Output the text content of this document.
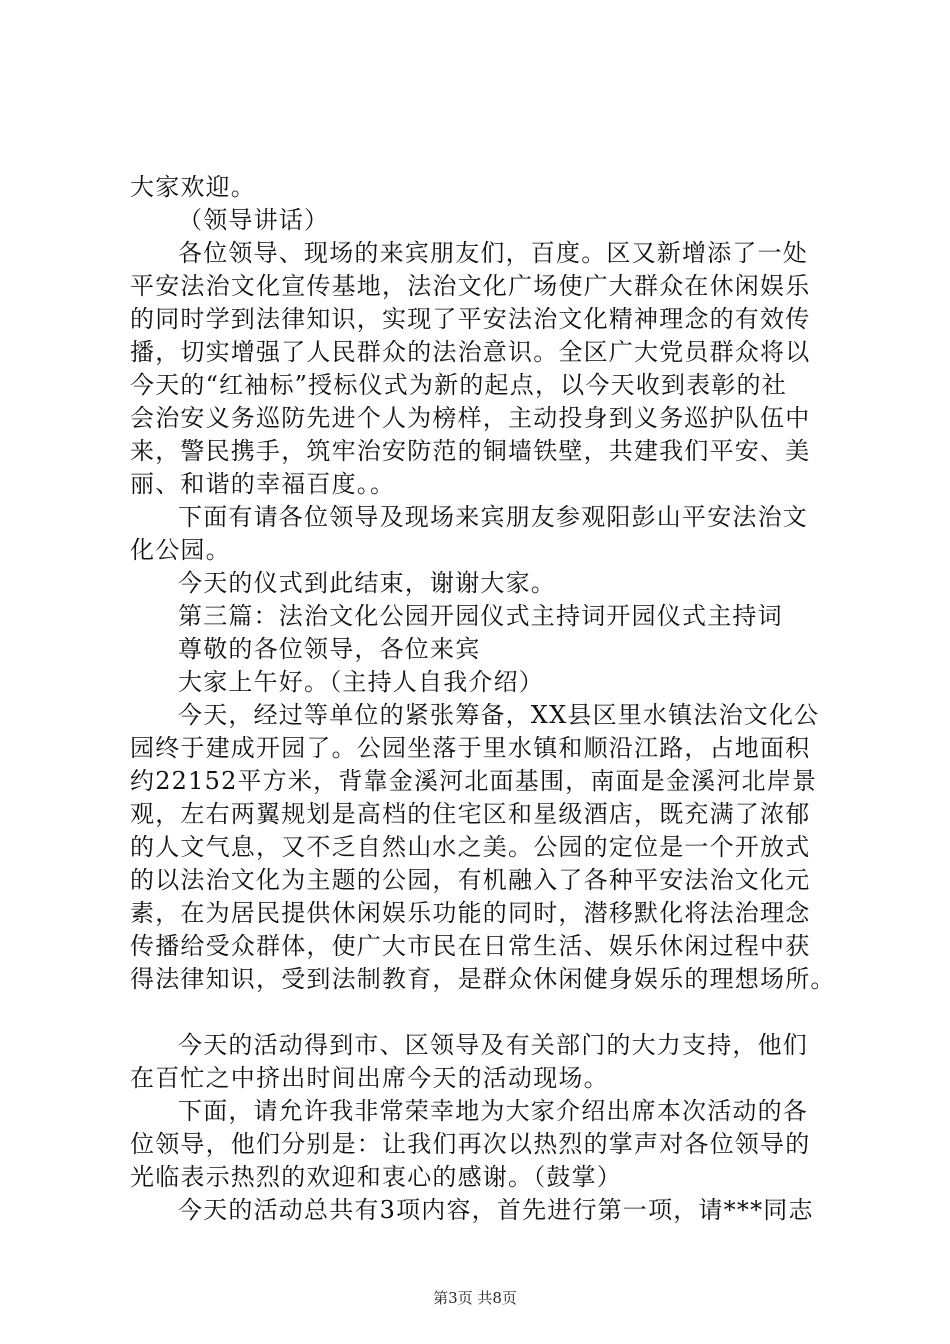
大家欢迎。
（领导讲话）
各位领导、现场的来宾朋友们，百度。区又新增添了一处
平安法治文化宣传基地，法治文化广场使广大群众在休闲娱乐
的同时学到法律知识，实现了平安法治文化精神理念的有效传
播，切实增强了人民群众的法治意识。全区广大党员群众将以
今天的“红袖标”授标仪式为新的起点，以今天收到表彰的社
会治安义务巡防先进个人为榜样，主动投身到义务巡护队伍中
来，警民携手，筑牢治安防范的铜墙铁壁，共建我们平安、美
丽、和谐的幸福百度。。
下面有请各位领导及现场来宾朋友参观阳彭山平安法治文
化公园。
今天的仪式到此结束，谢谢大家。
第三篇：法治文化公园开园仪式主持词开园仪式主持词
尊敬的各位领导，各位来宾
大家上午好。（主持人自我介绍）
今天，经过等单位的紧张筹备，XX县区里水镇法治文化公
园终于建成开园了。公园坐落于里水镇和顺沿江路，占地面积
约22152平方米，背靠金溪河北面基围，南面是金溪河北岸景
观，左右两翼规划是高档的住宅区和星级酒店，既充满了浓郁
的人文气息，又不乏自然山水之美。公园的定位是一个开放式
的以法治文化为主题的公园，有机融入了各种平安法治文化元
素，在为居民提供休闲娱乐功能的同时，潜移默化将法治理念
传播给受众群体，使广大市民在日常生活、娱乐休闲过程中获
得法律知识，受到法制教育，是群众休闲健身娱乐的理想场所。
今天的活动得到市、区领导及有关部门的大力支持，他们
在百忙之中挤出时间出席今天的活动现场。
下面，请允许我非常荣幸地为大家介绍出席本次活动的各
位领导，他们分别是：让我们再次以热烈的掌声对各位领导的
光临表示热烈的欢迎和衷心的感谢。（鼓掌）
今天的活动总共有3项内容，首先进行第一项，请***同志
第3页 共8页
